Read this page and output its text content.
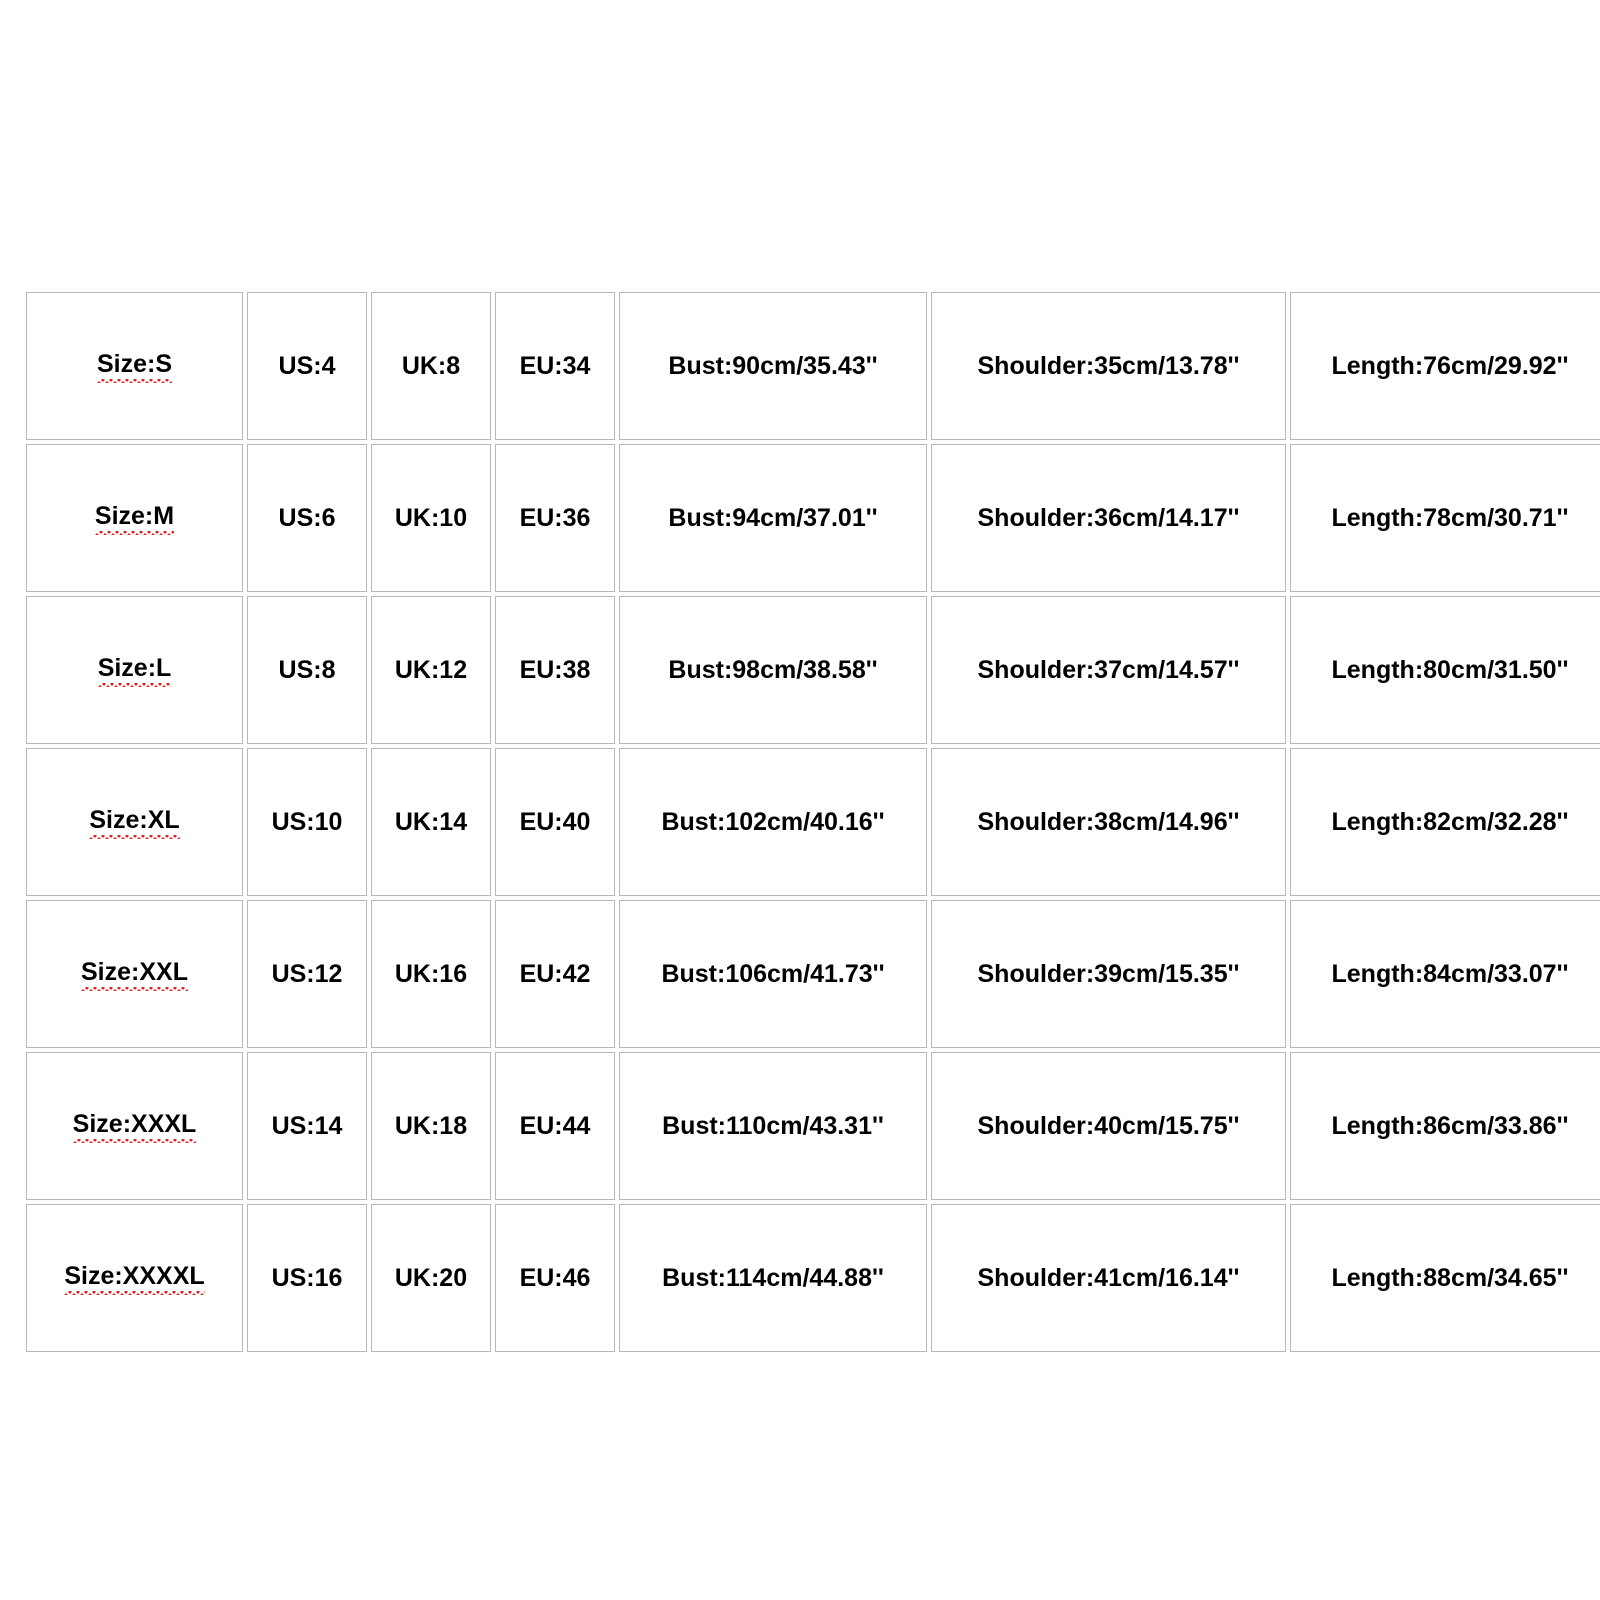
Size:S	US:4	UK:8	EU:34	Bust:90cm/35.43''	Shoulder:35cm/13.78''	Length:76cm/29.92''
Size:M	US:6	UK:10	EU:36	Bust:94cm/37.01''	Shoulder:36cm/14.17''	Length:78cm/30.71''
Size:L	US:8	UK:12	EU:38	Bust:98cm/38.58''	Shoulder:37cm/14.57''	Length:80cm/31.50''
Size:XL	US:10	UK:14	EU:40	Bust:102cm/40.16''	Shoulder:38cm/14.96''	Length:82cm/32.28''
Size:XXL	US:12	UK:16	EU:42	Bust:106cm/41.73''	Shoulder:39cm/15.35''	Length:84cm/33.07''
Size:XXXL	US:14	UK:18	EU:44	Bust:110cm/43.31''	Shoulder:40cm/15.75''	Length:86cm/33.86''
Size:XXXXL	US:16	UK:20	EU:46	Bust:114cm/44.88''	Shoulder:41cm/16.14''	Length:88cm/34.65''
